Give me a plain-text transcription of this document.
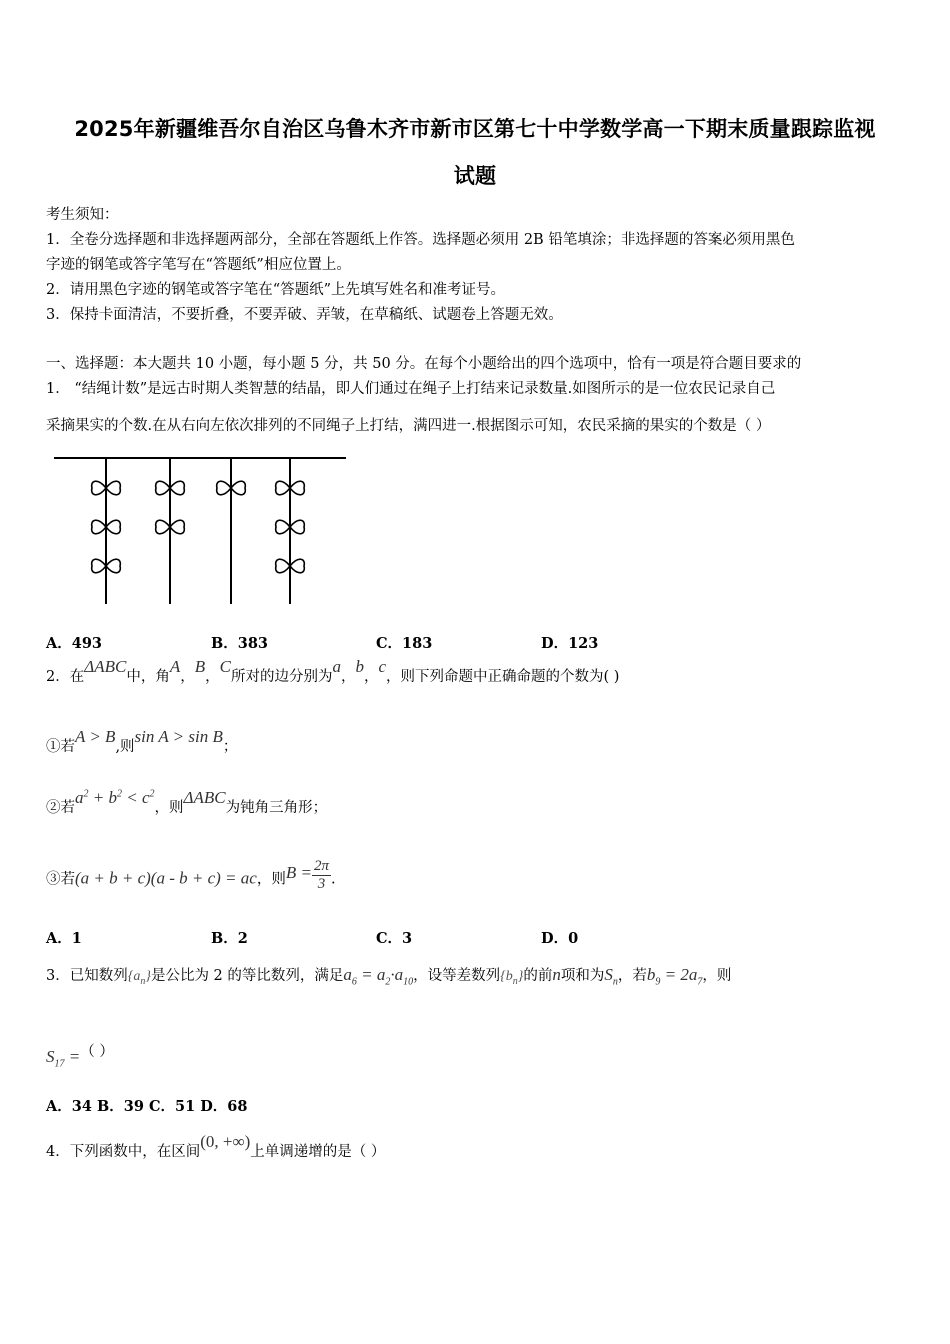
2025年新疆维吾尔自治区乌鲁木齐市新市区第七十中学数学高一下期末质量跟踪监视
试题
考生须知：
1．全卷分选择题和非选择题两部分，全部在答题纸上作答。选择题必须用 2B 铅笔填涂；非选择题的答案必须用黑色
字迹的钢笔或答字笔写在“答题纸”相应位置上。
2．请用黑色字迹的钢笔或答字笔在“答题纸”上先填写姓名和准考证号。
3．保持卡面清洁，不要折叠，不要弄破、弄皱，在草稿纸、试题卷上答题无效。
一、选择题：本大题共 10 小题，每小题 5 分，共 50 分。在每个小题给出的四个选项中，恰有一项是符合题目要求的
1． “结绳计数”是远古时期人类智慧的结晶，即人们通过在绳子上打结来记录数量.如图所示的是一位农民记录自己
采摘果实的个数.在从右向左依次排列的不同绳子上打结，满四进一.根据图示可知，农民采摘的果实的个数是（ ）
A．493	B．383	C．183	D．123
2．在ΔABC中，角A，B，C所对的边分别为a，b，c，则下列命题中正确命题的个数为( )
①若A > B,则sin A > sin B；
②若$a^2 + b^2 < c^2$，则ΔABC为钝角三角形；
③若(a + b + c)(a - b + c) = ac，则$B = \frac{2\pi}{3}$ .
A．1	B．2	C．3	D．0
3．已知数列$\{a_n\}$是公比为 2 的等比数列，满足$a_6 = a_2\cdot a_{10}$，设等差数列$\{b_n\}$的前n项和为$S_n$，若$b_9 = 2a_7$，则
$S_{17}$ =（ ）
A．34 B．39 C．51 D．68
4．下列函数中，在区间(0, +∞)上单调递增的是（ ）
